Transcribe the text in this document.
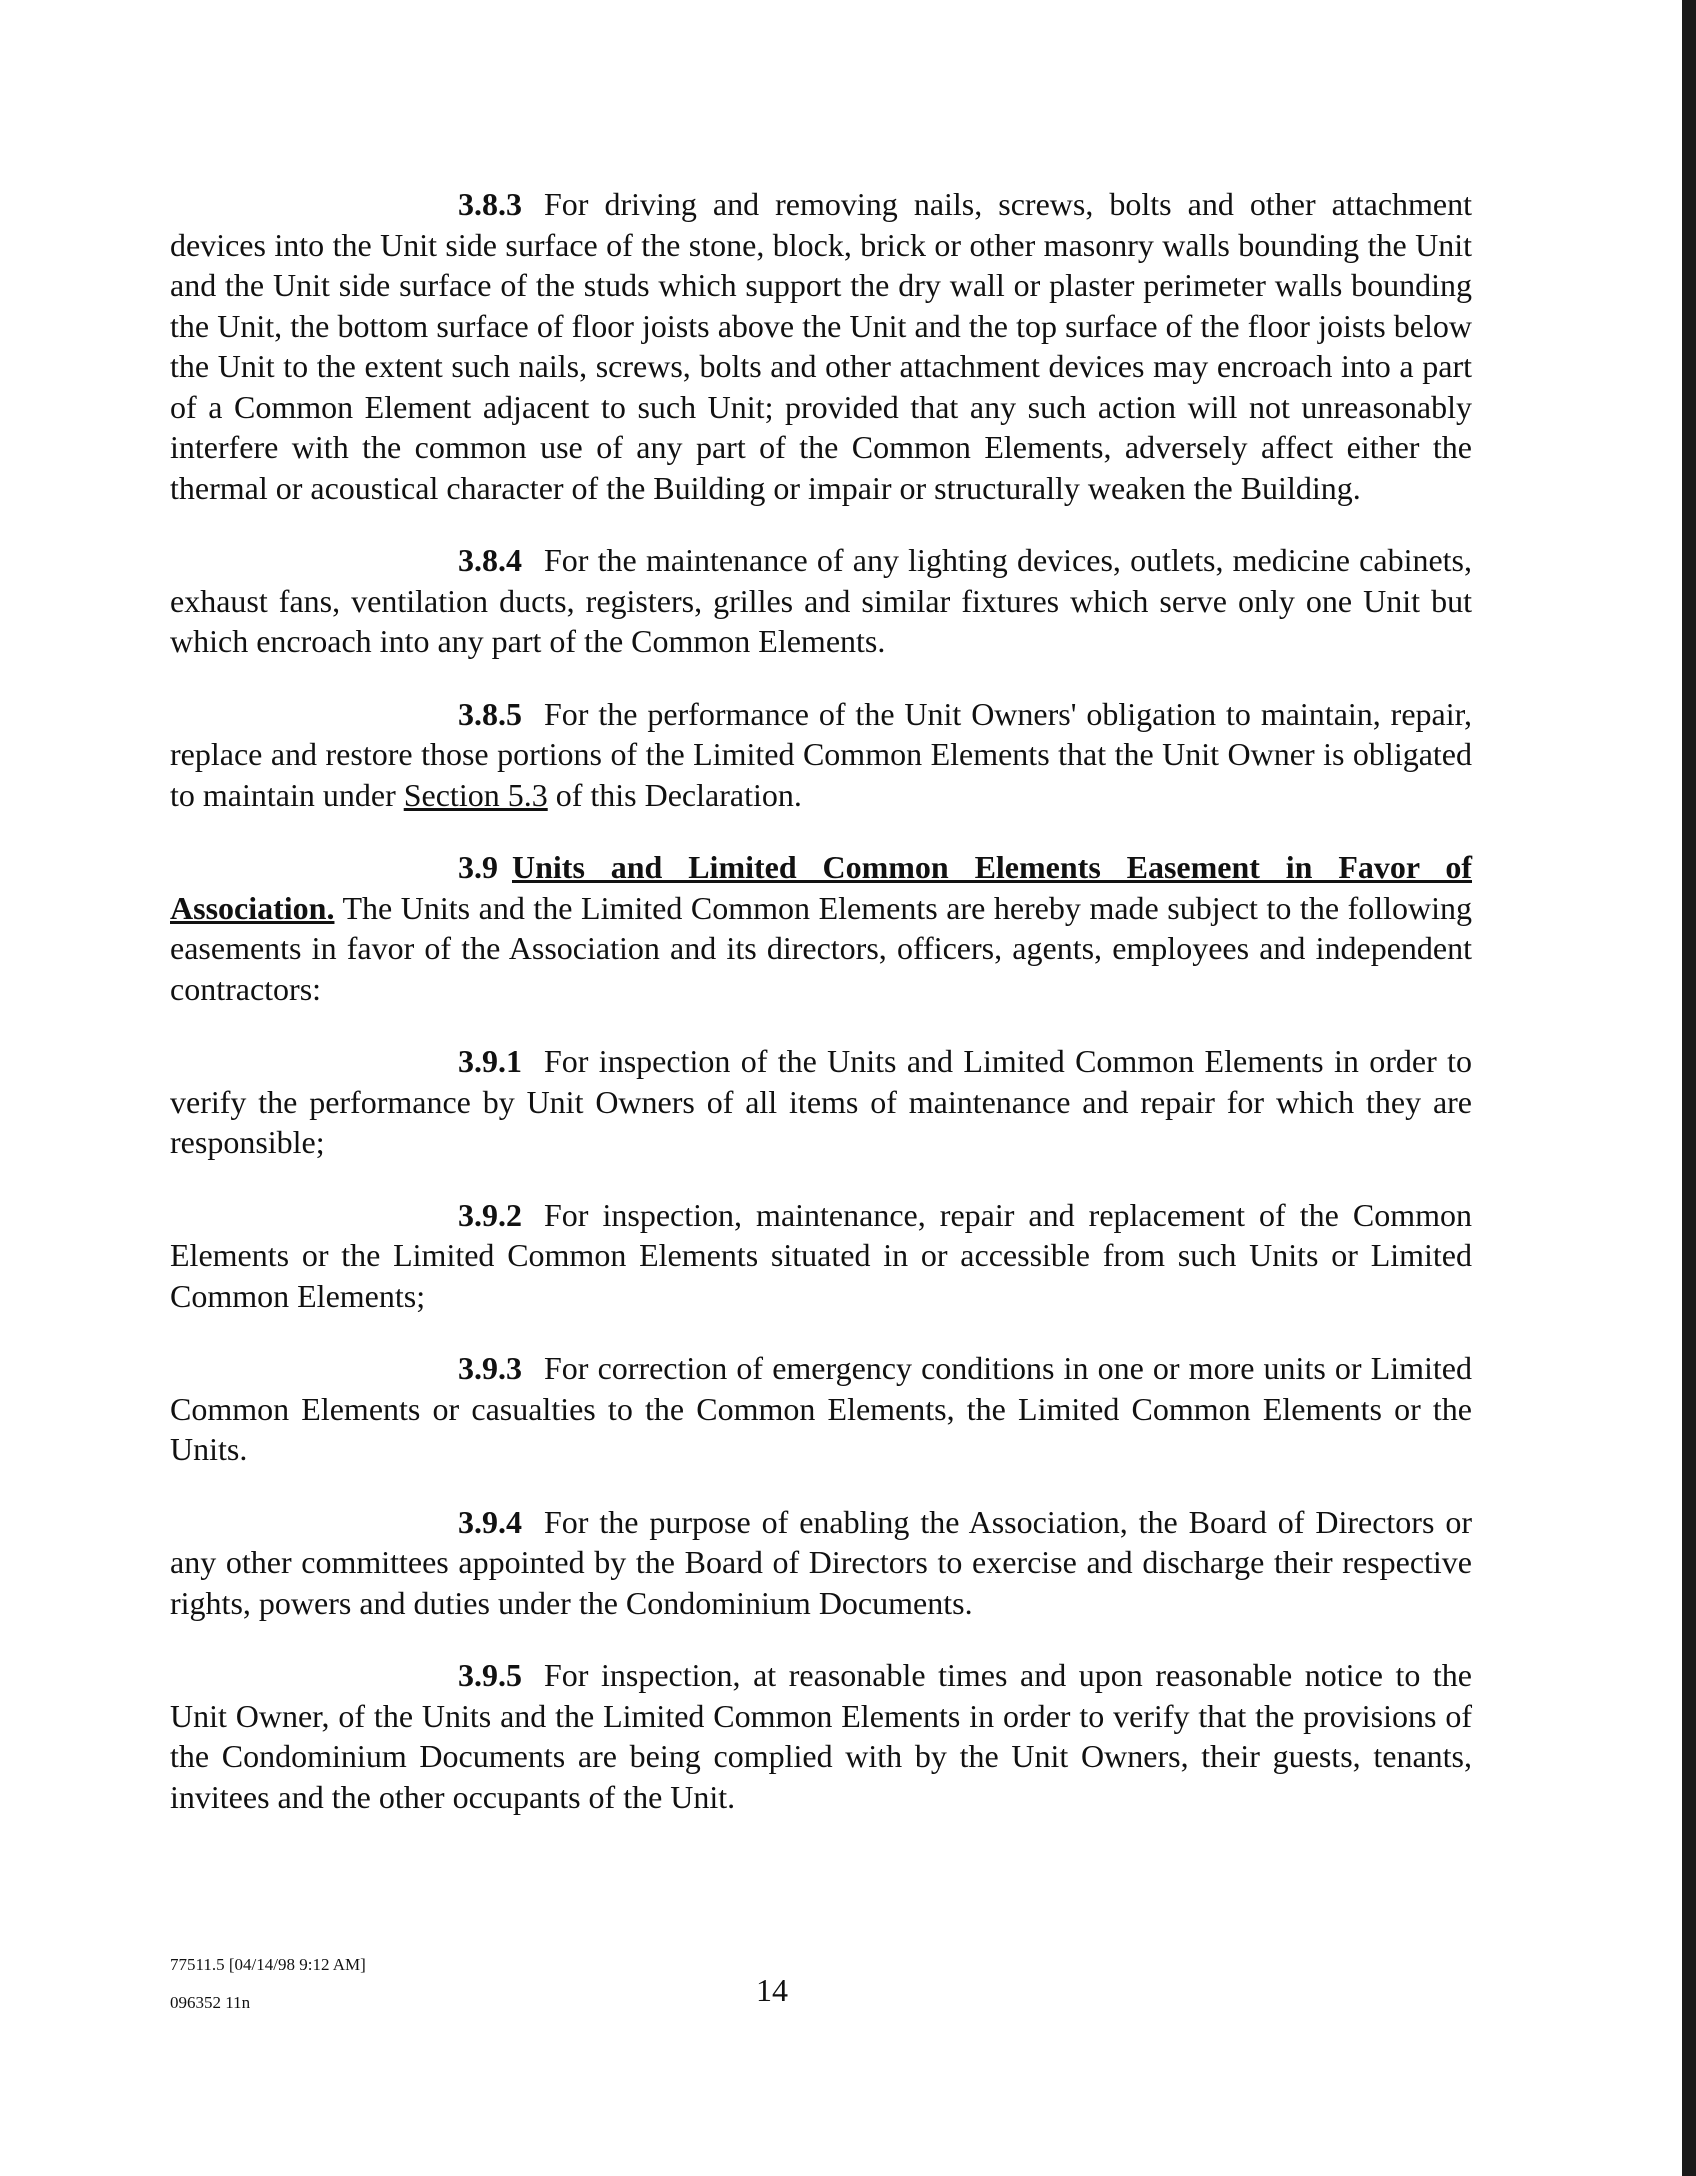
3.8.3 For driving and removing nails, screws, bolts and other attachment devices into the Unit side surface of the stone, block, brick or other masonry walls bounding the Unit and the Unit side surface of the studs which support the dry wall or plaster perimeter walls bounding the Unit, the bottom surface of floor joists above the Unit and the top surface of the floor joists below the Unit to the extent such nails, screws, bolts and other attachment devices may encroach into a part of a Common Element adjacent to such Unit; provided that any such action will not unreasonably interfere with the common use of any part of the Common Elements, adversely affect either the thermal or acoustical character of the Building or impair or structurally weaken the Building.

3.8.4 For the maintenance of any lighting devices, outlets, medicine cabinets, exhaust fans, ventilation ducts, registers, grilles and similar fixtures which serve only one Unit but which encroach into any part of the Common Elements.

3.8.5 For the performance of the Unit Owners' obligation to maintain, repair, replace and restore those portions of the Limited Common Elements that the Unit Owner is obligated to maintain under Section 5.3 of this Declaration.

3.9 Units and Limited Common Elements Easement in Favor of Association. The Units and the Limited Common Elements are hereby made subject to the following easements in favor of the Association and its directors, officers, agents, employees and independent contractors:

3.9.1 For inspection of the Units and Limited Common Elements in order to verify the performance by Unit Owners of all items of maintenance and repair for which they are responsible;

3.9.2 For inspection, maintenance, repair and replacement of the Common Elements or the Limited Common Elements situated in or accessible from such Units or Limited Common Elements;

3.9.3 For correction of emergency conditions in one or more units or Limited Common Elements or casualties to the Common Elements, the Limited Common Elements or the Units.

3.9.4 For the purpose of enabling the Association, the Board of Directors or any other committees appointed by the Board of Directors to exercise and discharge their respective rights, powers and duties under the Condominium Documents.

3.9.5 For inspection, at reasonable times and upon reasonable notice to the Unit Owner, of the Units and the Limited Common Elements in order to verify that the provisions of the Condominium Documents are being complied with by the Unit Owners, their guests, tenants, invitees and the other occupants of the Unit.

77511.5 [04/14/98 9:12 AM]
096352 11n	14
